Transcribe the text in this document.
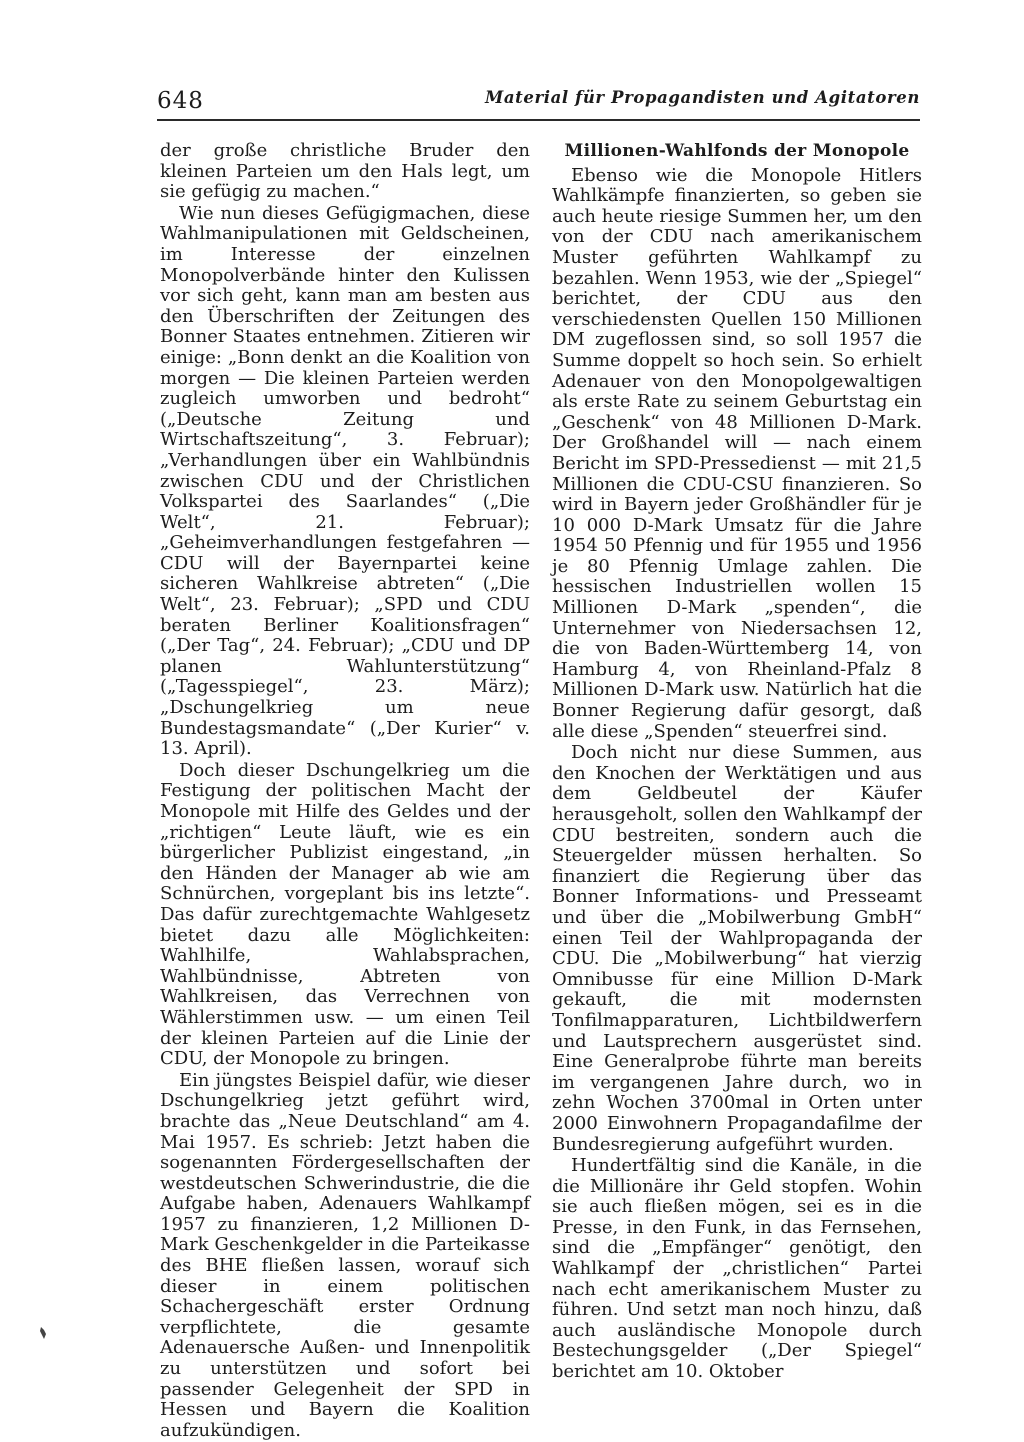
648	Material für Propagandisten und Agitatoren

der große christliche Bruder den kleinen Parteien um den Hals legt, um sie gefügig zu machen.“

Wie nun dieses Gefügigmachen, diese Wahlmanipulationen mit Geldscheinen, im Interesse der einzelnen Monopolverbände hinter den Kulissen vor sich geht, kann man am besten aus den Überschriften der Zeitungen des Bonner Staates entnehmen. Zitieren wir einige: „Bonn denkt an die Koalition von morgen — Die kleinen Parteien werden zugleich umworben und bedroht“ („Deutsche Zeitung und Wirtschaftszeitung“, 3. Februar); „Verhandlungen über ein Wahlbündnis zwischen CDU und der Christlichen Volkspartei des Saarlandes“ („Die Welt“, 21. Februar); „Geheimverhandlungen festgefahren — CDU will der Bayernpartei keine sicheren Wahlkreise abtreten“ („Die Welt“, 23. Februar); „SPD und CDU beraten Berliner Koalitionsfragen“ („Der Tag“, 24. Februar); „CDU und DP planen Wahlunterstützung“ („Tagesspiegel“, 23. März); „Dschungelkrieg um neue Bundestagsmandate“ („Der Kurier“ v. 13. April).

Doch dieser Dschungelkrieg um die Festigung der politischen Macht der Monopole mit Hilfe des Geldes und der „richtigen“ Leute läuft, wie es ein bürgerlicher Publizist eingestand, „in den Händen der Manager ab wie am Schnürchen, vorgeplant bis ins letzte“. Das dafür zurechtgemachte Wahlgesetz bietet dazu alle Möglichkeiten: Wahlhilfe, Wahlabsprachen, Wahlbündnisse, Abtreten von Wahlkreisen, das Verrechnen von Wählerstimmen usw. — um einen Teil der kleinen Parteien auf die Linie der CDU, der Monopole zu bringen.

Ein jüngstes Beispiel dafür, wie dieser Dschungelkrieg jetzt geführt wird, brachte das „Neue Deutschland“ am 4. Mai 1957. Es schrieb: Jetzt haben die sogenannten Fördergesellschaften der westdeutschen Schwerindustrie, die die Aufgabe haben, Adenauers Wahlkampf 1957 zu finanzieren, 1,2 Millionen D-Mark Geschenkgelder in die Parteikasse des BHE fließen lassen, worauf sich dieser in einem politischen Schachergeschäft erster Ordnung verpflichtete, die gesamte Adenauersche Außen- und Innenpolitik zu unterstützen und sofort bei passender Gelegenheit der SPD in Hessen und Bayern die Koalition aufzukündigen.

Millionen-Wahlfonds der Monopole

Ebenso wie die Monopole Hitlers Wahlkämpfe finanzierten, so geben sie auch heute riesige Summen her, um den von der CDU nach amerikanischem Muster geführten Wahlkampf zu bezahlen. Wenn 1953, wie der „Spiegel“ berichtet, der CDU aus den verschiedensten Quellen 150 Millionen DM zugeflossen sind, so soll 1957 die Summe doppelt so hoch sein. So erhielt Adenauer von den Monopolgewaltigen als erste Rate zu seinem Geburtstag ein „Geschenk“ von 48 Millionen D-Mark. Der Großhandel will — nach einem Bericht im SPD-Pressedienst — mit 21,5 Millionen die CDU-CSU finanzieren. So wird in Bayern jeder Großhändler für je 10 000 D-Mark Umsatz für die Jahre 1954 50 Pfennig und für 1955 und 1956 je 80 Pfennig Umlage zahlen. Die hessischen Industriellen wollen 15 Millionen D-Mark „spenden“, die Unternehmer von Niedersachsen 12, die von Baden-Württemberg 14, von Hamburg 4, von Rheinland-Pfalz 8 Millionen D-Mark usw. Natürlich hat die Bonner Regierung dafür gesorgt, daß alle diese „Spenden“ steuerfrei sind.

Doch nicht nur diese Summen, aus den Knochen der Werktätigen und aus dem Geldbeutel der Käufer herausgeholt, sollen den Wahlkampf der CDU bestreiten, sondern auch die Steuergelder müssen herhalten. So finanziert die Regierung über das Bonner Informations- und Presseamt und über die „Mobilwerbung GmbH“ einen Teil der Wahlpropaganda der CDU. Die „Mobilwerbung“ hat vierzig Omnibusse für eine Million D-Mark gekauft, die mit modernsten Tonfilmapparaturen, Lichtbildwerfern und Lautsprechern ausgerüstet sind. Eine Generalprobe führte man bereits im vergangenen Jahre durch, wo in zehn Wochen 3700mal in Orten unter 2000 Einwohnern Propagandafilme der Bundesregierung aufgeführt wurden.

Hundertfältig sind die Kanäle, in die die Millionäre ihr Geld stopfen. Wohin sie auch fließen mögen, sei es in die Presse, in den Funk, in das Fernsehen, sind die „Empfänger“ genötigt, den Wahlkampf der „christlichen“ Partei nach echt amerikanischem Muster zu führen. Und setzt man noch hinzu, daß auch ausländische Monopole durch Bestechungsgelder („Der Spiegel“ berichtet am 10. Oktober
